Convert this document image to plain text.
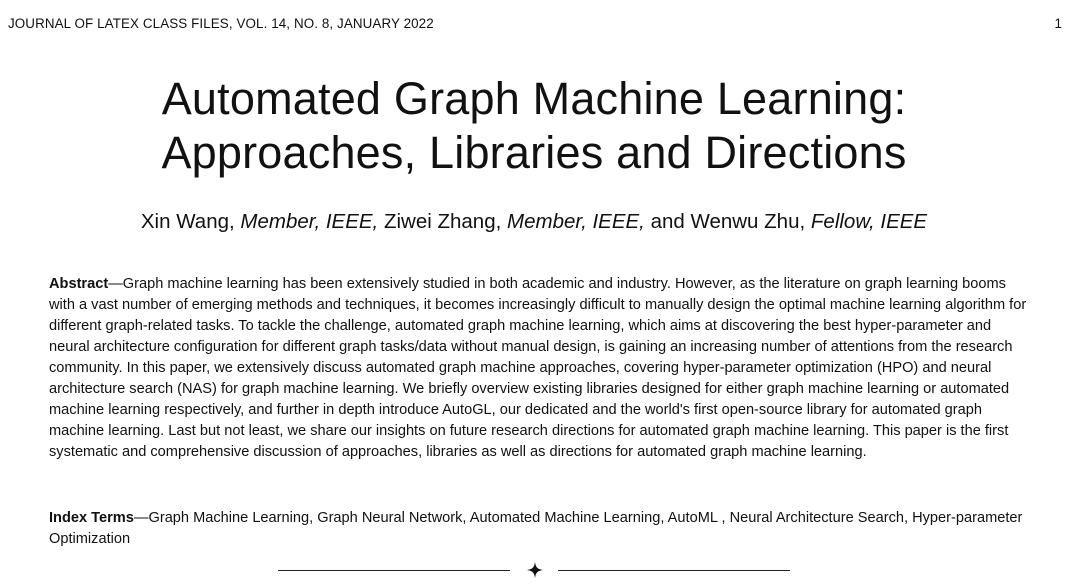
JOURNAL OF LATEX CLASS FILES, VOL. 14, NO. 8, JANUARY 2022	1
Automated Graph Machine Learning:
Approaches, Libraries and Directions
Xin Wang, Member, IEEE, Ziwei Zhang, Member, IEEE, and Wenwu Zhu, Fellow, IEEE

Abstract—Graph machine learning has been extensively studied in both academic and industry. However, as the literature on graph learning booms with a vast number of emerging methods and techniques, it becomes increasingly difficult to manually design the optimal machine learning algorithm for different graph-related tasks. To tackle the challenge, automated graph machine learning, which aims at discovering the best hyper-parameter and neural architecture configuration for different graph tasks/data without manual design, is gaining an increasing number of attentions from the research community. In this paper, we extensively discuss automated graph machine approaches, covering hyper-parameter optimization (HPO) and neural architecture search (NAS) for graph machine learning. We briefly overview existing libraries designed for either graph machine learning or automated machine learning respectively, and further in depth introduce AutoGL, our dedicated and the world's first open-source library for automated graph machine learning. Last but not least, we share our insights on future research directions for automated graph machine learning. This paper is the first systematic and comprehensive discussion of approaches, libraries as well as directions for automated graph machine learning.

Index Terms—Graph Machine Learning, Graph Neural Network, Automated Machine Learning, AutoML , Neural Architecture Search, Hyper-parameter Optimization
